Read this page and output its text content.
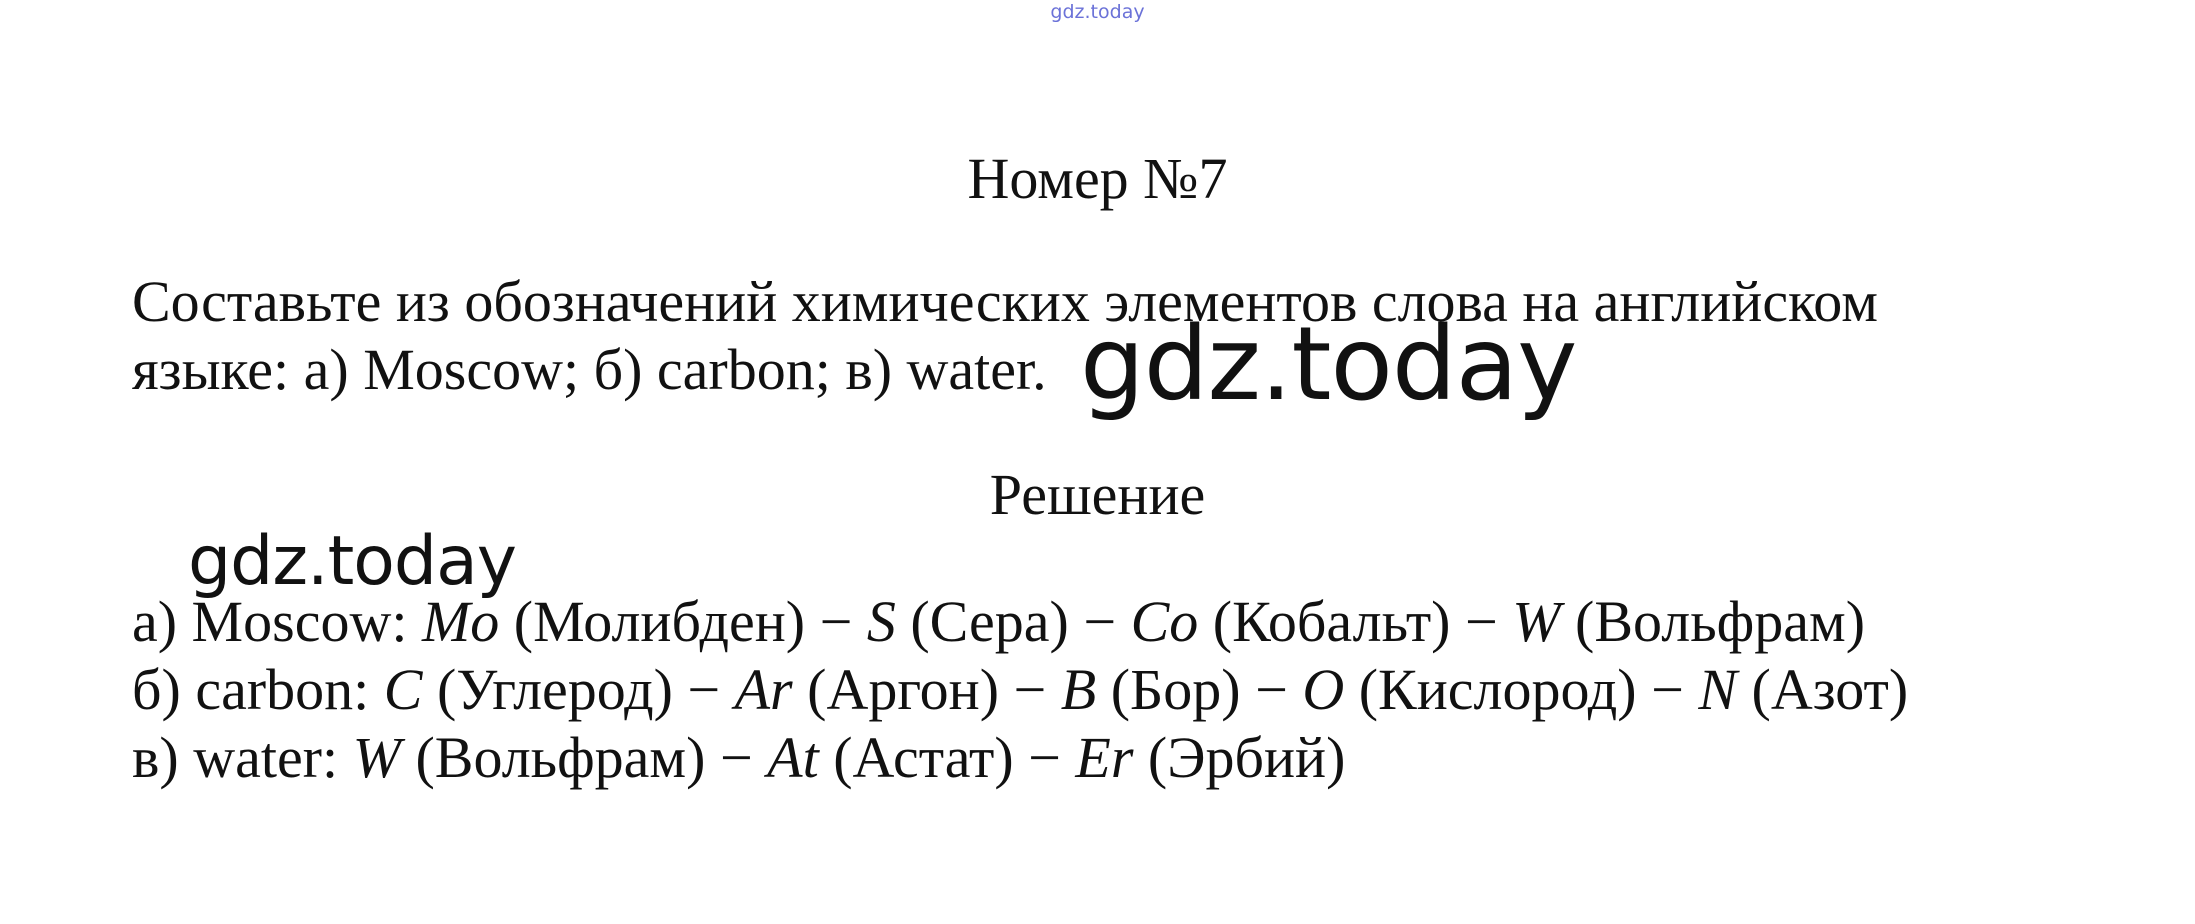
gdz.today
Номер №7
Составьте из обозначений химических элементов слова на английском
языке: а) Moscow; б) carbon; в) water. gdz.today
Решение
gdz.today
а) Moscow: Mo (Молибден) − S (Сера) − Co (Кобальт) − W (Вольфрам)
б) carbon: C (Углерод) − Ar (Аргон) − B (Бор) − O (Кислород) − N (Азот)
в) water: W (Вольфрам) − At (Астат) − Er (Эрбий)
